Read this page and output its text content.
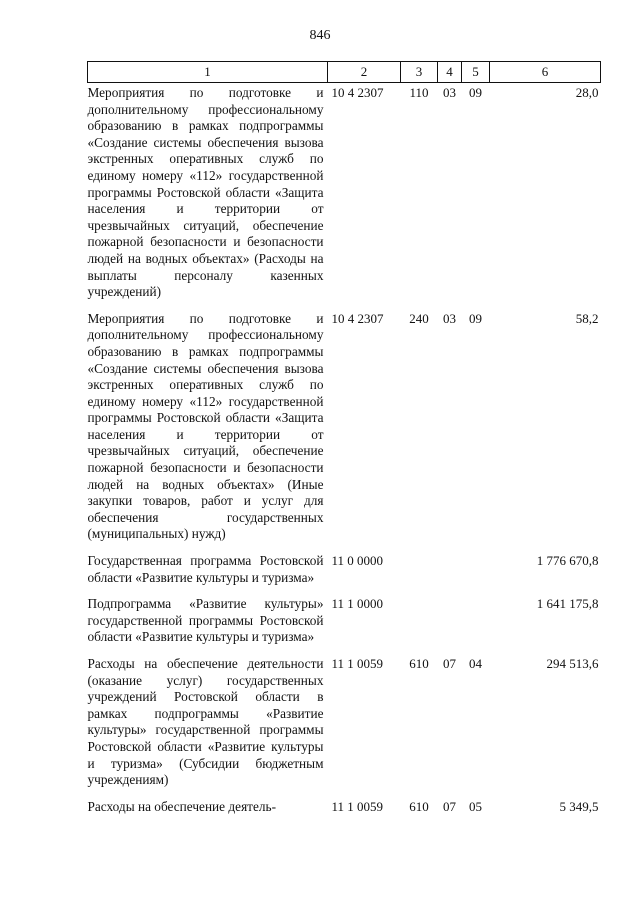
846
1	2	3	4	5	6
Мероприятия по подготовке и дополнительному профессиональному образованию в рамках подпрограммы «Создание системы обеспечения вызова экстренных оперативных служб по единому номеру «112» государственной программы Ростовской области «Защита населения и территории от чрезвычайных ситуаций, обеспечение пожарной безопасности и безопасности людей на водных объектах» (Расходы на выплаты персоналу казенных учреждений)	10 4 2307	110	03	09	28,0
Мероприятия по подготовке и дополнительному профессиональному образованию в рамках подпрограммы «Создание системы обеспечения вызова экстренных оперативных служб по единому номеру «112» государственной программы Ростовской области «Защита населения и территории от чрезвычайных ситуаций, обеспечение пожарной безопасности и безопасности людей на водных объектах» (Иные закупки товаров, работ и услуг для обеспечения государственных (муниципальных) нужд)	10 4 2307	240	03	09	58,2
Государственная программа Ростовской области «Развитие культуры и туризма»	11 0 0000				1 776 670,8
Подпрограмма «Развитие культуры» государственной программы Ростовской области «Развитие культуры и туризма»	11 1 0000				1 641 175,8
Расходы на обеспечение деятельности (оказание услуг) государственных учреждений Ростовской области в рамках подпрограммы «Развитие культуры» государственной программы Ростовской области «Развитие культуры и туризма» (Субсидии бюджетным учреждениям)	11 1 0059	610	07	04	294 513,6
Расходы на обеспечение деятель-	11 1 0059	610	07	05	5 349,5
